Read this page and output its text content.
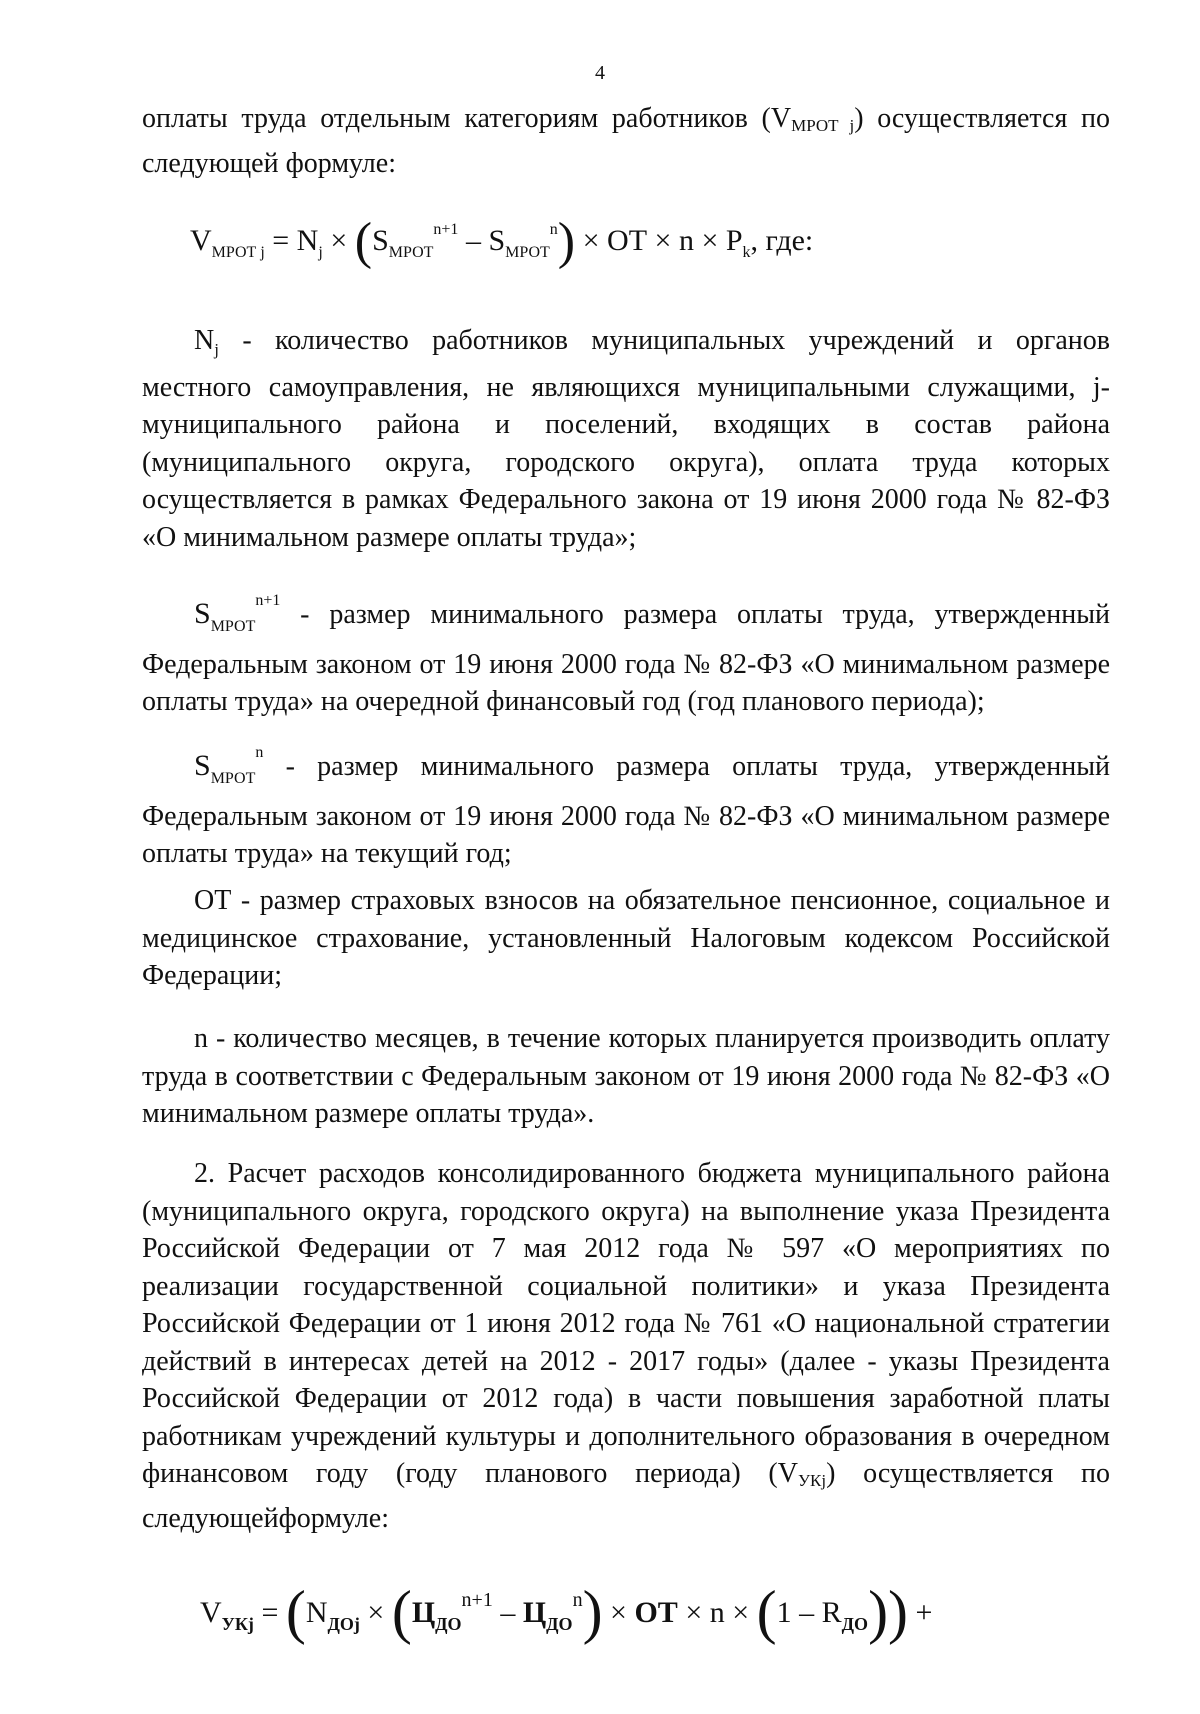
4

оплаты труда отдельным категориям работников (VМРОТ j) осуществляется по следующей формуле:

$V_{МРОТ j} = N_j \times (S_{МРОТ}^{n+1} - S_{МРОТ}^n)$ × ОТ × $n \times P_k$, где:

$N_j$ - количество работников муниципальных учреждений и органов местного самоуправления, не являющихся муниципальными служащими, j-муниципального района и поселений, входящих в состав района (муниципального округа, городского округа), оплата труда которых осуществляется в рамках Федерального закона от 19 июня 2000 года № 82-ФЗ «О минимальном размере оплаты труда»;

$S_{МРОТ}^{n+1}$ - размер минимального размера оплаты труда, утвержденный Федеральным законом от 19 июня 2000 года № 82-ФЗ «О минимальном размере оплаты труда» на очередной финансовый год (год планового периода);

$S_{МРОТ}^n$ - размер минимального размера оплаты труда, утвержденный Федеральным законом от 19 июня 2000 года № 82-ФЗ «О минимальном размере оплаты труда» на текущий год;

ОТ - размер страховых взносов на обязательное пенсионное, социальное и медицинское страхование, установленный Налоговым кодексом Российской Федерации;

n - количество месяцев, в течение которых планируется производить оплату труда в соответствии с Федеральным законом от 19 июня 2000 года № 82-ФЗ «О минимальном размере оплаты труда».

2. Расчет расходов консолидированного бюджета муниципального района (муниципального округа, городского округа) на выполнение указа Президента Российской Федерации от 7 мая 2012 года № 597 «О мероприятиях по реализации государственной социальной политики» и указа Президента Российской Федерации от 1 июня 2012 года № 761 «О национальной стратегии действий в интересах детей на 2012 - 2017 годы» (далее - указы Президента Российской Федерации от 2012 года) в части повышения заработной платы работникам учреждений культуры и дополнительного образования в очередном финансовом году (году планового периода) (VУКj) осуществляется по следующейформуле:

$V_{УКj} = (N_{ДОj} \times (Ц_{ДО}^{n+1} - Ц_{ДО}^n)$ × ОТ × $n \times (1 - R_{ДО})$) +
